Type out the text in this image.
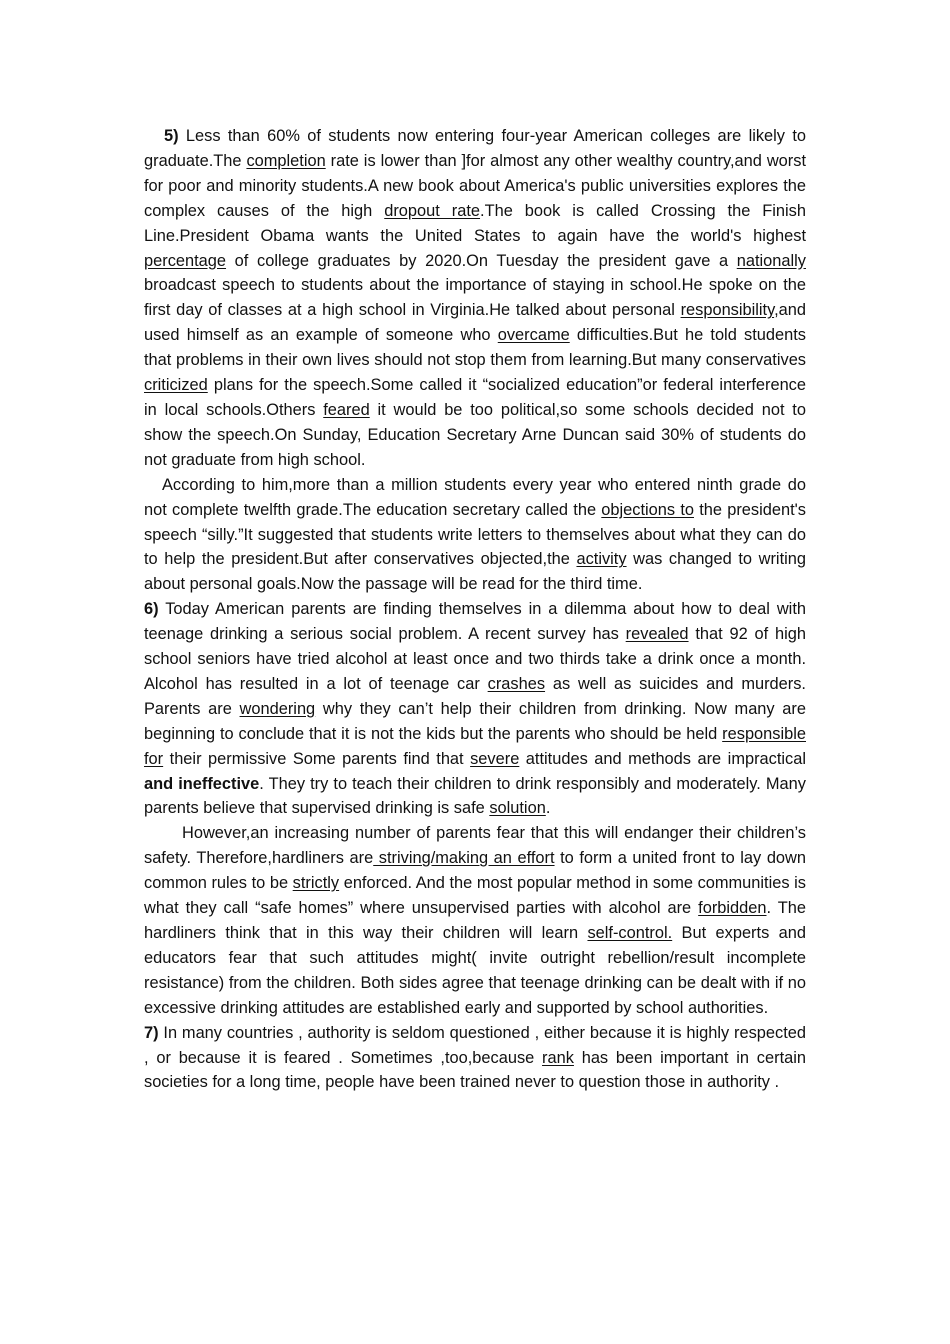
5) Less than 60% of students now entering four-year American colleges are likely to graduate.The completion rate is lower than ]for almost any other wealthy country,and worst for poor and minority students.A new book about America's public universities explores the complex causes of the high dropout rate.The book is called Crossing the Finish Line.President Obama wants the United States to again have the world's highest percentage of college graduates by 2020.On Tuesday the president gave a nationally broadcast speech to students about the importance of staying in school.He spoke on the first day of classes at a high school in Virginia.He talked about personal responsibility,and used himself as an example of someone who overcame difficulties.But he told students that problems in their own lives should not stop them from learning.But many conservatives criticized plans for the speech.Some called it “socialized education”or federal interference in local schools.Others feared it would be too political,so some schools decided not to show the speech.On Sunday, Education Secretary Arne Duncan said 30% of students do not graduate from high school.

According to him,more than a million students every year who entered ninth grade do not complete twelfth grade.The education secretary called the objections to the president's speech “silly.”It suggested that students write letters to themselves about what they can do to help the president.But after conservatives objected,the activity was changed to writing about personal goals.Now the passage will be read for the third time.

6) Today American parents are finding themselves in a dilemma about how to deal with teenage drinking a serious social problem. A recent survey has revealed that 92 of high school seniors have tried alcohol at least once and two thirds take a drink once a month. Alcohol has resulted in a lot of teenage car crashes as well as suicides and murders. Parents are wondering why they can’t help their children from drinking. Now many are beginning to conclude that it is not the kids but the parents who should be held responsible for their permissive Some parents find that severe attitudes and methods are impractical and ineffective. They try to teach their children to drink responsibly and moderately. Many parents believe that supervised drinking is safe solution.

However,an increasing number of parents fear that this will endanger their children’s safety. Therefore,hardliners are striving/making an effort to form a united front to lay down common rules to be strictly enforced. And the most popular method in some communities is what they call “safe homes” where unsupervised parties with alcohol are forbidden. The hardliners think that in this way their children will learn self-control. But experts and educators fear that such attitudes might( invite outright rebellion/result incomplete resistance) from the children. Both sides agree that teenage drinking can be dealt with if no excessive drinking attitudes are established early and supported by school authorities.

7) In many countries , authority is seldom questioned , either because it is highly respected , or because it is feared . Sometimes ,too,because rank has been important in certain societies for a long time, people have been trained never to question those in authority .
